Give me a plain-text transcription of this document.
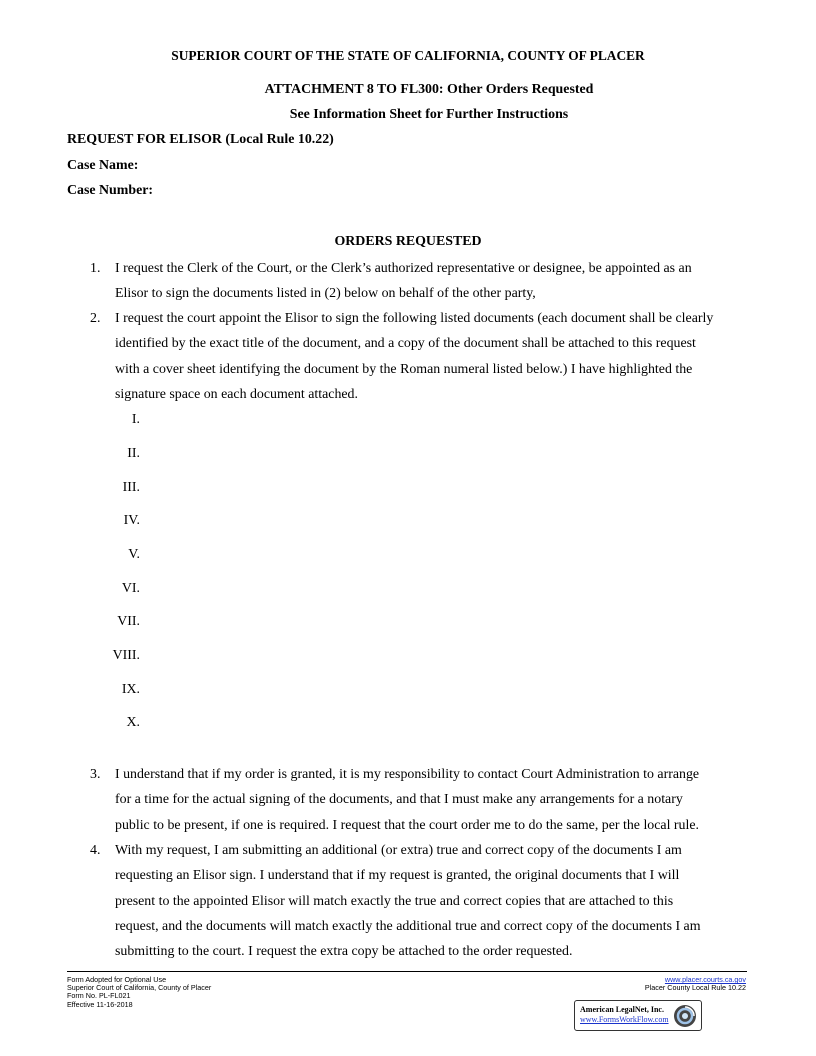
SUPERIOR COURT OF THE STATE OF CALIFORNIA, COUNTY OF PLACER
ATTACHMENT 8 TO FL300: Other Orders Requested
See Information Sheet for Further Instructions
REQUEST FOR ELISOR (Local Rule 10.22)
Case Name:
Case Number:
ORDERS REQUESTED
1.	I request the Clerk of the Court, or the Clerk’s authorized representative or designee, be appointed as an
Elisor to sign the documents listed in (2) below on behalf of the other party,
2.	I request the court appoint the Elisor to sign the following listed documents (each document shall be clearly
identified by the exact title of the document, and a copy of the document shall be attached to this request
with a cover sheet identifying the document by the Roman numeral listed below.) I have highlighted the
signature space on each document attached.
I.
II.
III.
IV.
V.
VI.
VII.
VIII.
IX.
X.
3.	I understand that if my order is granted, it is my responsibility to contact Court Administration to arrange
for a time for the actual signing of the documents, and that I must make any arrangements for a notary
public to be present, if one is required. I request that the court order me to do the same, per the local rule.
4.	With my request, I am submitting an additional (or extra) true and correct copy of the documents I am
requesting an Elisor sign. I understand that if my request is granted, the original documents that I will
present to the appointed Elisor will match exactly the true and correct copies that are attached to this
request, and the documents will match exactly the additional true and correct copy of the documents I am
submitting to the court. I request the extra copy be attached to the order requested.
Form Adopted for Optional Use
Superior Court of California, County of Placer
Form No. PL-FL021
Effective 11-16-2018
www.placer.courts.ca.gov
Placer County Local Rule 10.22
American LegalNet, Inc.
www.FormsWorkFlow.com
